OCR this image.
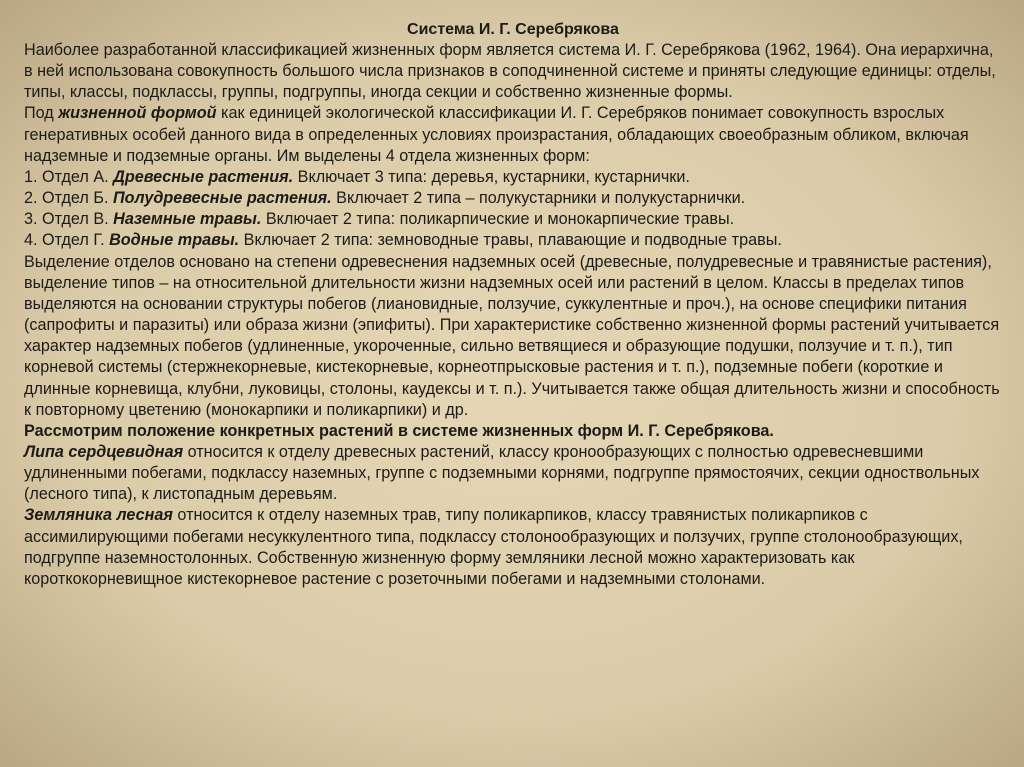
Система И. Г. Серебрякова

Наиболее разработанной классификацией жизненных форм является система И. Г. Серебрякова (1962, 1964). Она иерархична, в ней использована совокупность большого числа признаков в соподчиненной системе и приняты следующие единицы: отделы, типы, классы, подклассы, группы, подгруппы, иногда секции и собственно жизненные формы.

Под жизненной формой как единицей экологической классификации И. Г. Серебряков понимает совокупность взрослых генеративных особей данного вида в определенных условиях произрастания, обладающих своеобразным обликом, включая надземные и подземные органы. Им выделены 4 отдела жизненных форм:

1. Отдел А. Древесные растения. Включает 3 типа: деревья, кустарники, кустарнички.

2. Отдел Б. Полудревесные растения. Включает 2 типа – полукустарники и полукустарнички.

3. Отдел В. Наземные травы. Включает 2 типа: поликарпические и монокарпические травы.

4. Отдел Г. Водные травы. Включает 2 типа: земноводные травы, плавающие и подводные травы.

Выделение отделов основано на степени одревеснения надземных осей (древесные, полудревесные и травянистые растения), выделение типов – на относительной длительности жизни надземных осей или растений в целом. Классы в пределах типов выделяются на основании структуры побегов (лиановидные, ползучие, суккулентные и проч.), на основе специфики питания (сапрофиты и паразиты) или образа жизни (эпифиты). При характеристике собственно жизненной формы растений учитывается характер надземных побегов (удлиненные, укороченные, сильно ветвящиеся и образующие подушки, ползучие и т. п.), тип корневой системы (стержнекорневые, кистекорневые, корнеотпрысковые растения и т. п.), подземные побеги (короткие и длинные корневища, клубни, луковицы, столоны, каудексы и т. п.). Учитывается также общая длительность жизни и способность к повторному цветению (монокарпики и поликарпики) и др.

Рассмотрим положение конкретных растений в системе жизненных форм И. Г. Серебрякова.

Липа сердцевидная относится к отделу древесных растений, классу кронообразующих с полностью одревесневшими удлиненными побегами, подклассу наземных, группе с подземными корнями, подгруппе прямостоячих, секции одноствольных (лесного типа), к листопадным деревьям.

Земляника лесная относится к отделу наземных трав, типу поликарпиков, классу травянистых поликарпиков с ассимилирующими побегами несуккулентного типа, подклассу столонообразующих и ползучих, группе столонообразующих, подгруппе наземностолонных. Собственную жизненную форму земляники лесной можно характеризовать как короткокорневищное кистекорневое растение с розеточными побегами и надземными столонами.
